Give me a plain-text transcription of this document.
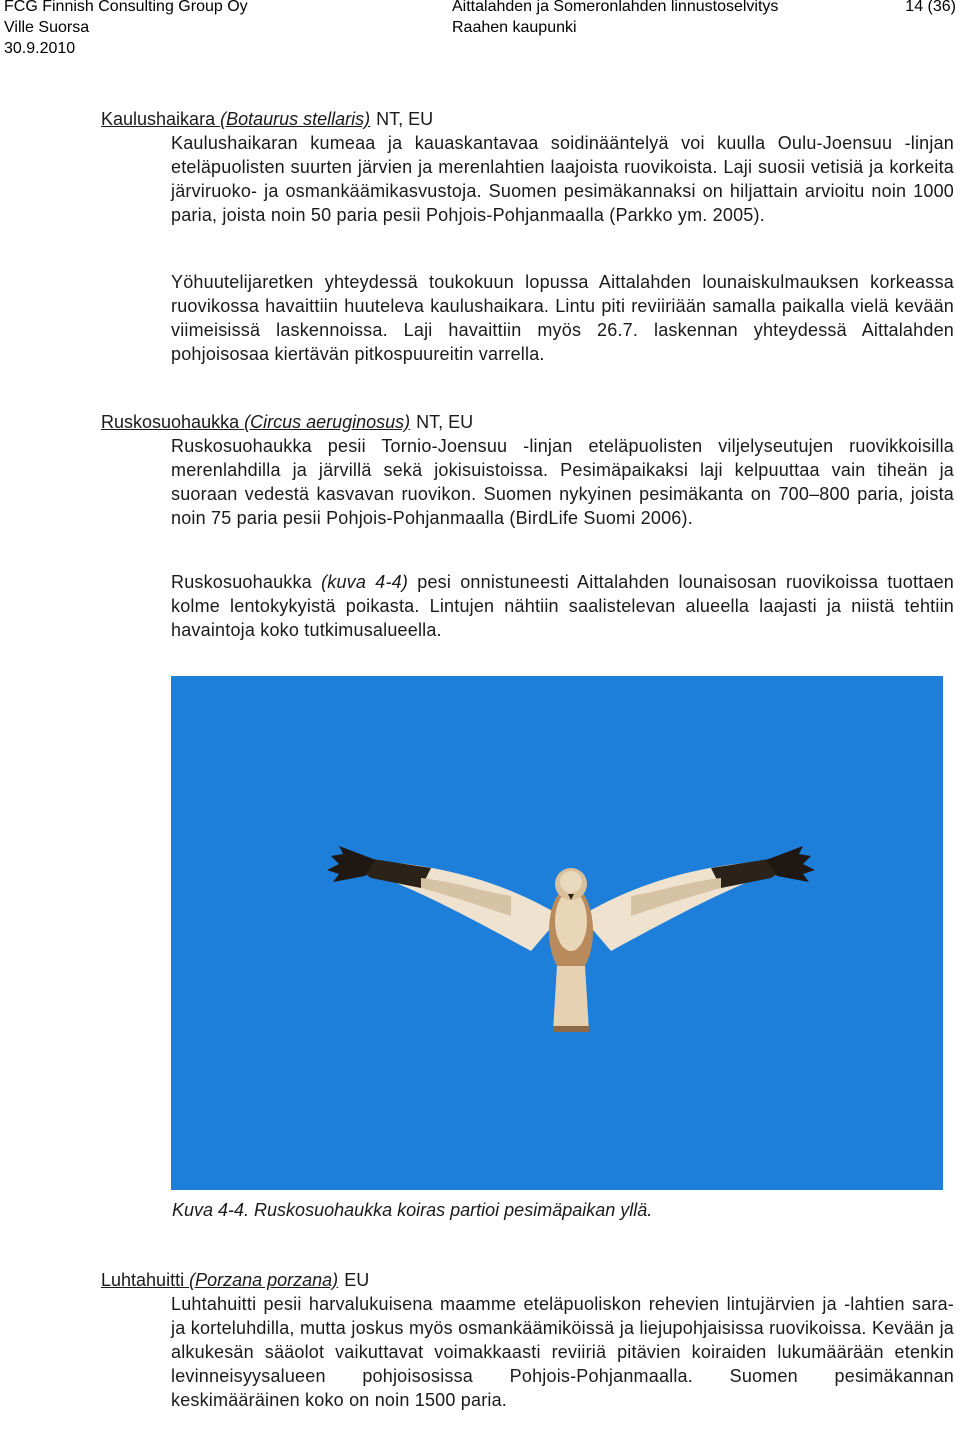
FCG Finnish Consulting Group Oy
Ville Suorsa
30.9.2010
Aittalahden ja Someronlahden linnustoselvitys
Raahen kaupunki
14 (36)
Kaulushaikara (Botaurus stellaris) NT, EU
Kaulushaikaran kumeaa ja kauaskantavaa soidinääntelyä voi kuulla Oulu-Joensuu -linjan eteläpuolisten suurten järvien ja merenlahtien laajoista ruovikoista. Laji suosii vetisiä ja korkeita järviruoko- ja osmankäämikasvustoja. Suomen pesimäkannaksi on hiljattain arvioitu noin 1000 paria, joista noin 50 paria pesii Pohjois-Pohjanmaalla (Parkko ym. 2005).
Yöhuutelijaretken yhteydessä toukokuun lopussa Aittalahden lounaiskulmauksen korkeassa ruovikossa havaittiin huuteleva kaulushaikara. Lintu piti reviiriään samalla paikalla vielä kevään viimeisissä laskennoissa. Laji havaittiin myös 26.7. laskennan yhteydessä Aittalahden pohjoisosaa kiertävän pitkospuureitin varrella.
Ruskosuohaukka (Circus aeruginosus) NT, EU
Ruskosuohaukka pesii Tornio-Joensuu -linjan eteläpuolisten viljelyseutujen ruovikkoisilla merenlahdilla ja järvillä sekä jokisuistoissa. Pesimäpaikaksi laji kelpuuttaa vain tiheän ja suoraan vedestä kasvavan ruovikon. Suomen nykyinen pesimäkanta on 700–800 paria, joista noin 75 paria pesii Pohjois-Pohjanmaalla (BirdLife Suomi 2006).
Ruskosuohaukka (kuva 4-4) pesi onnistuneesti Aittalahden lounaisosan ruovikoissa tuottaen kolme lentokykyistä poikasta. Lintujen nähtiin saalistelevan alueella laajasti ja niistä tehtiin havaintoja koko tutkimusalueella.
Kuva 4-4. Ruskosuohaukka koiras partioi pesimäpaikan yllä.
Luhtahuitti (Porzana porzana) EU
Luhtahuitti pesii harvalukuisena maamme eteläpuoliskon rehevien lintujärvien ja -lahtien sara- ja korteluhdilla, mutta joskus myös osmankäämiköissä ja liejupohjaisissa ruovikoissa. Kevään ja alkukesän sääolot vaikuttavat voimakkaasti reviiriä pitävien koiraiden lukumäärään etenkin levinneisyysalueen pohjoisosissa Pohjois-Pohjanmaalla. Suomen pesimäkannan keskimääräinen koko on noin 1500 paria.
